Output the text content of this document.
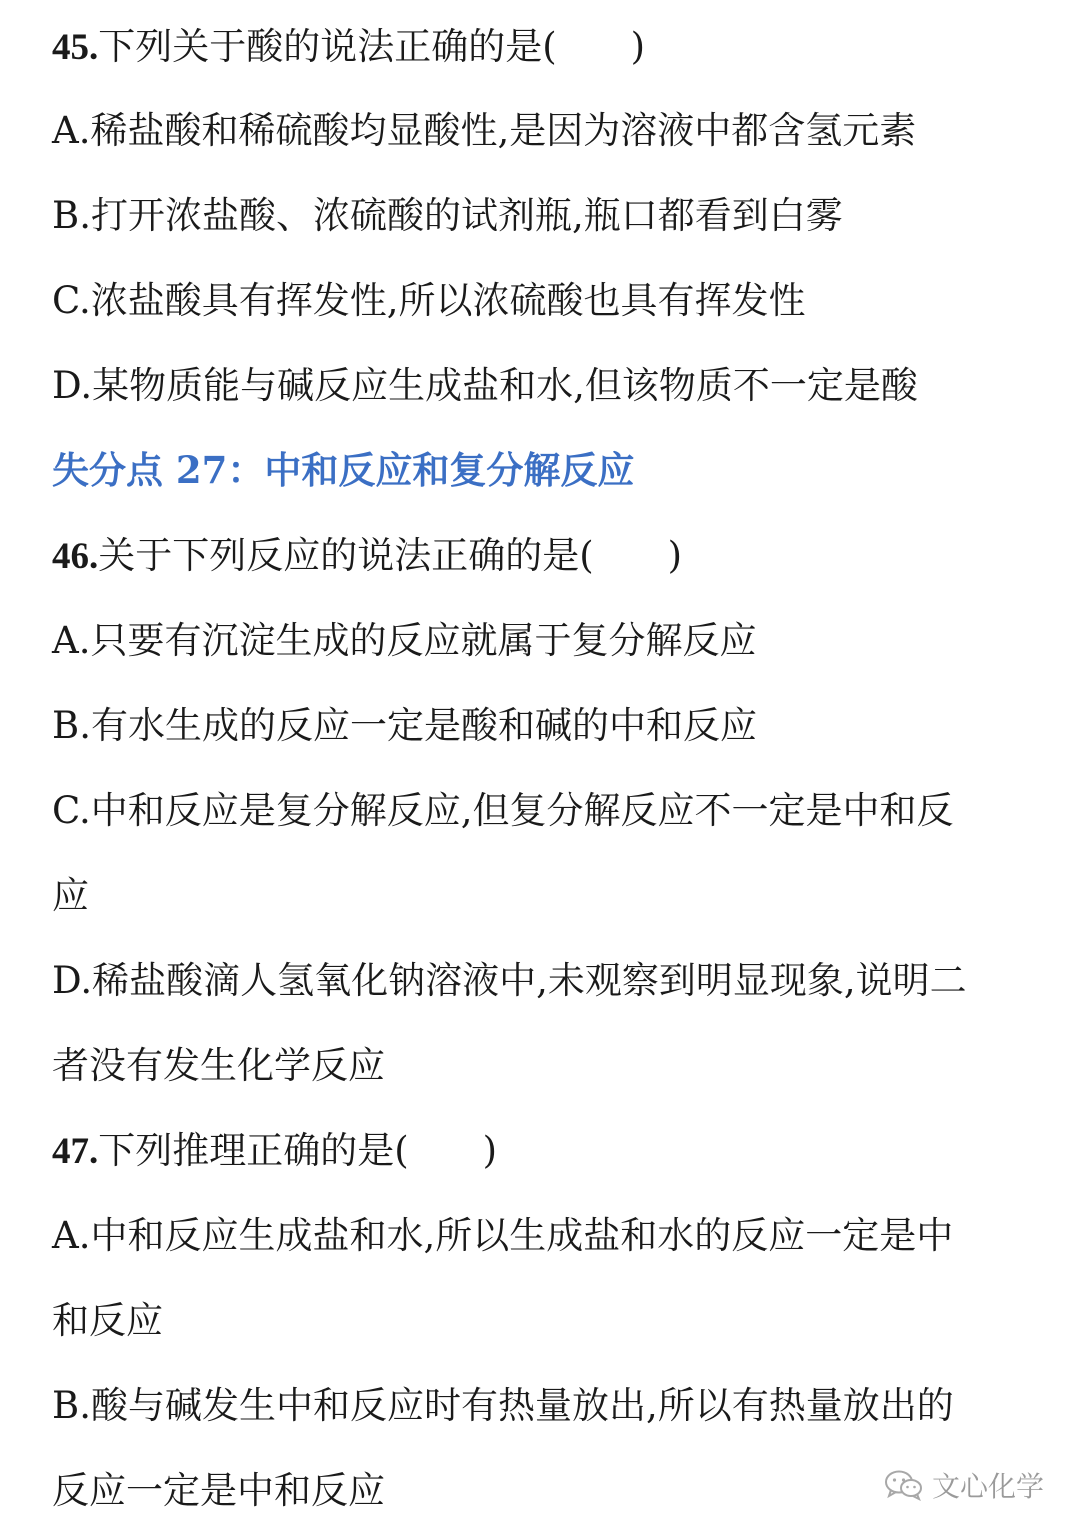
45.下列关于酸的说法正确的是(　　)
A.稀盐酸和稀硫酸均显酸性,是因为溶液中都含氢元素
B.打开浓盐酸、浓硫酸的试剂瓶,瓶口都看到白雾
C.浓盐酸具有挥发性,所以浓硫酸也具有挥发性
D.某物质能与碱反应生成盐和水,但该物质不一定是酸
失分点 27：中和反应和复分解反应
46.关于下列反应的说法正确的是(　　)
A.只要有沉淀生成的反应就属于复分解反应
B.有水生成的反应一定是酸和碱的中和反应
C.中和反应是复分解反应,但复分解反应不一定是中和反
应
D.稀盐酸滴人氢氧化钠溶液中,未观察到明显现象,说明二
者没有发生化学反应
47.下列推理正确的是(　　)
A.中和反应生成盐和水,所以生成盐和水的反应一定是中
和反应
B.酸与碱发生中和反应时有热量放出,所以有热量放出的
反应一定是中和反应	文心化学
